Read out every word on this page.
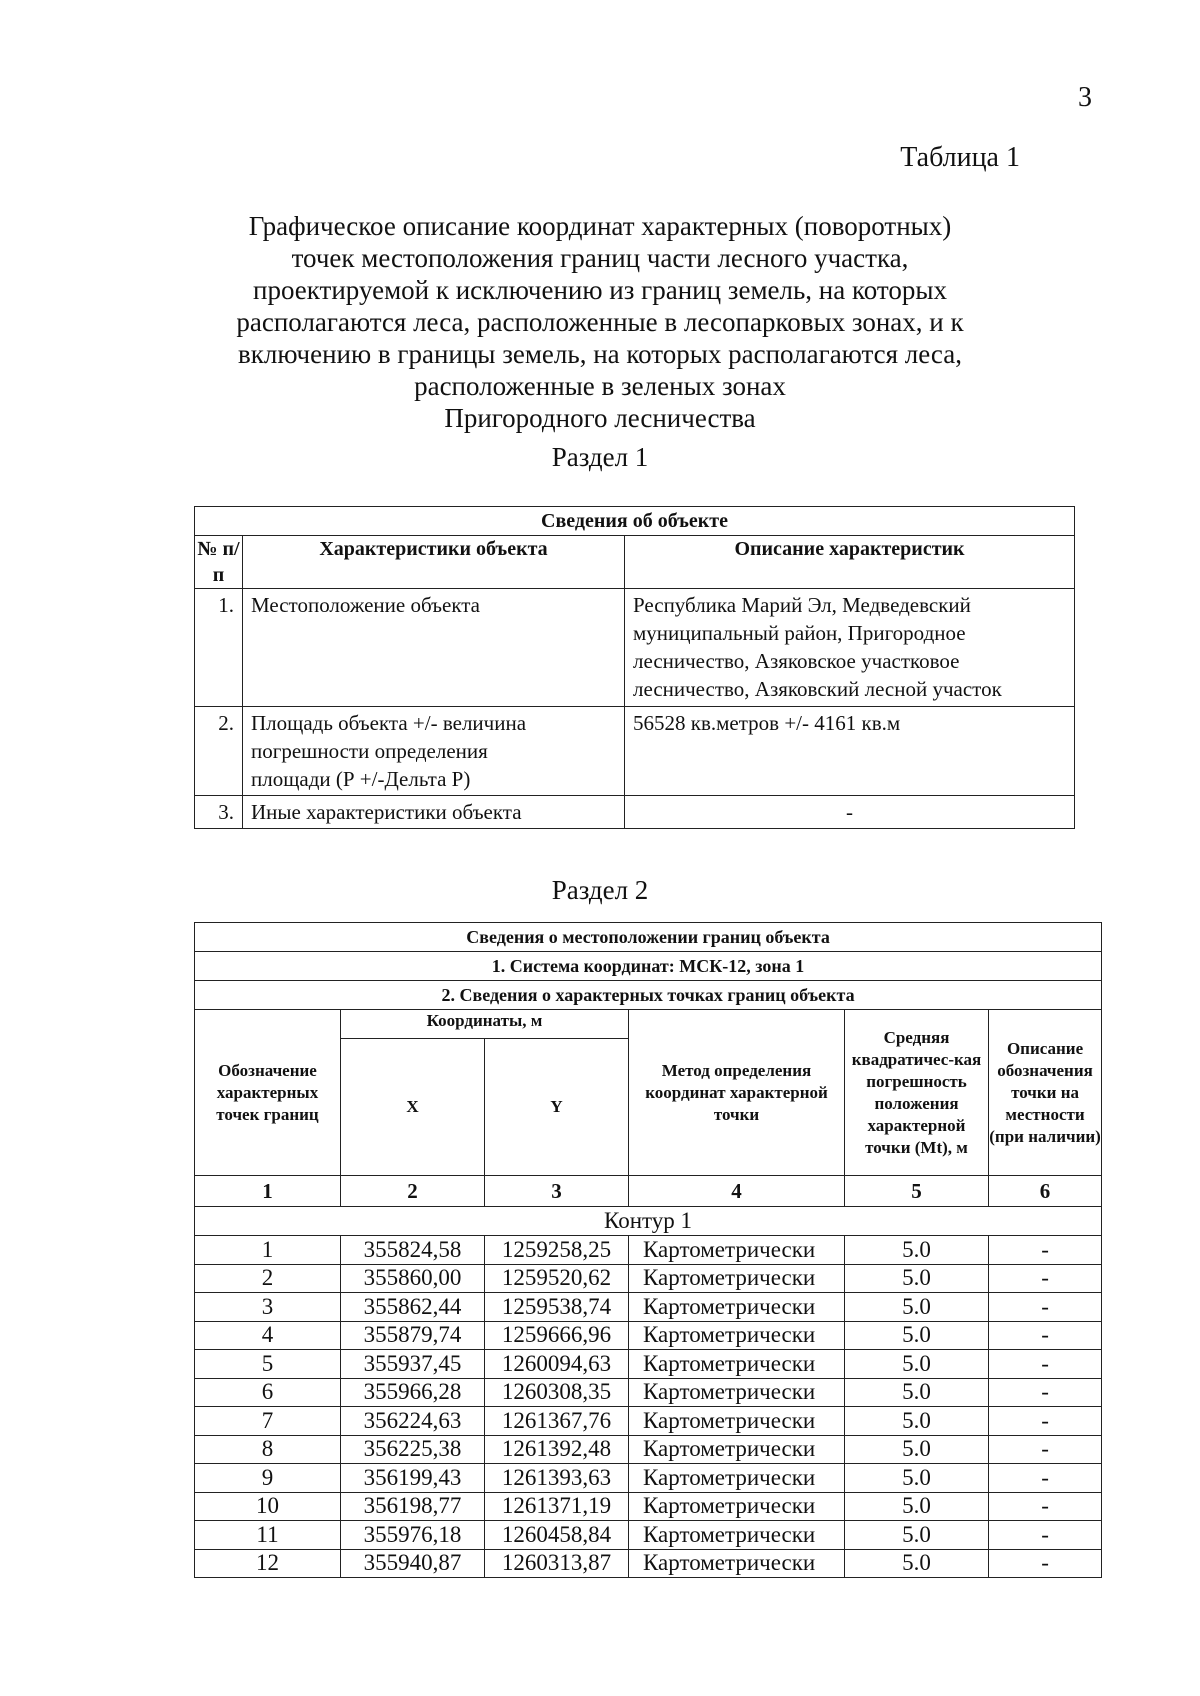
3
Таблица 1
Графическое описание координат характерных (поворотных)
точек местоположения границ части лесного участка,
проектируемой к исключению из границ земель, на которых
располагаются леса, расположенные в лесопарковых зонах, и к
включению в границы земель, на которых располагаются леса,
расположенные в зеленых зонах
Пригородного лесничества
Раздел 1
Сведения об объекте		
№ п/п	Характеристики объекта	Описание характеристик
1.	Местоположение объекта	Республика Марий Эл, Медведевский
муниципальный район, Пригородное
лесничество, Азяковское участковое
лесничество, Азяковский лесной участок

2.	Площадь объекта +/- величина
погрешности определения
площади (Р +/-Дельта Р)	56528 кв.метров +/- 4161 кв.м

3.	Иные характеристики объекта	-
Раздел 2
Сведения о местоположении границ объекта					
1. Система координат: МСК-12, зона 1					
2. Сведения о характерных точках границ объекта					
Обозначение характерных точек границ	Координаты, м		Метод определения координат характерной точки	Средняя квадратичес-кая погрешность положения характерной точки (Mt), м	Описание обозначения точки на местности (при наличии)
	X	Y			
1	2	3	4	5	6
Контур 1					
1	355824,58	1259258,25	Картометрически	5.0	-
2	355860,00	1259520,62	Картометрически	5.0	-
3	355862,44	1259538,74	Картометрически	5.0	-
4	355879,74	1259666,96	Картометрически	5.0	-
5	355937,45	1260094,63	Картометрически	5.0	-
6	355966,28	1260308,35	Картометрически	5.0	-
7	356224,63	1261367,76	Картометрически	5.0	-
8	356225,38	1261392,48	Картометрически	5.0	-
9	356199,43	1261393,63	Картометрически	5.0	-
10	356198,77	1261371,19	Картометрически	5.0	-
11	355976,18	1260458,84	Картометрически	5.0	-
12	355940,87	1260313,87	Картометрически	5.0	-
